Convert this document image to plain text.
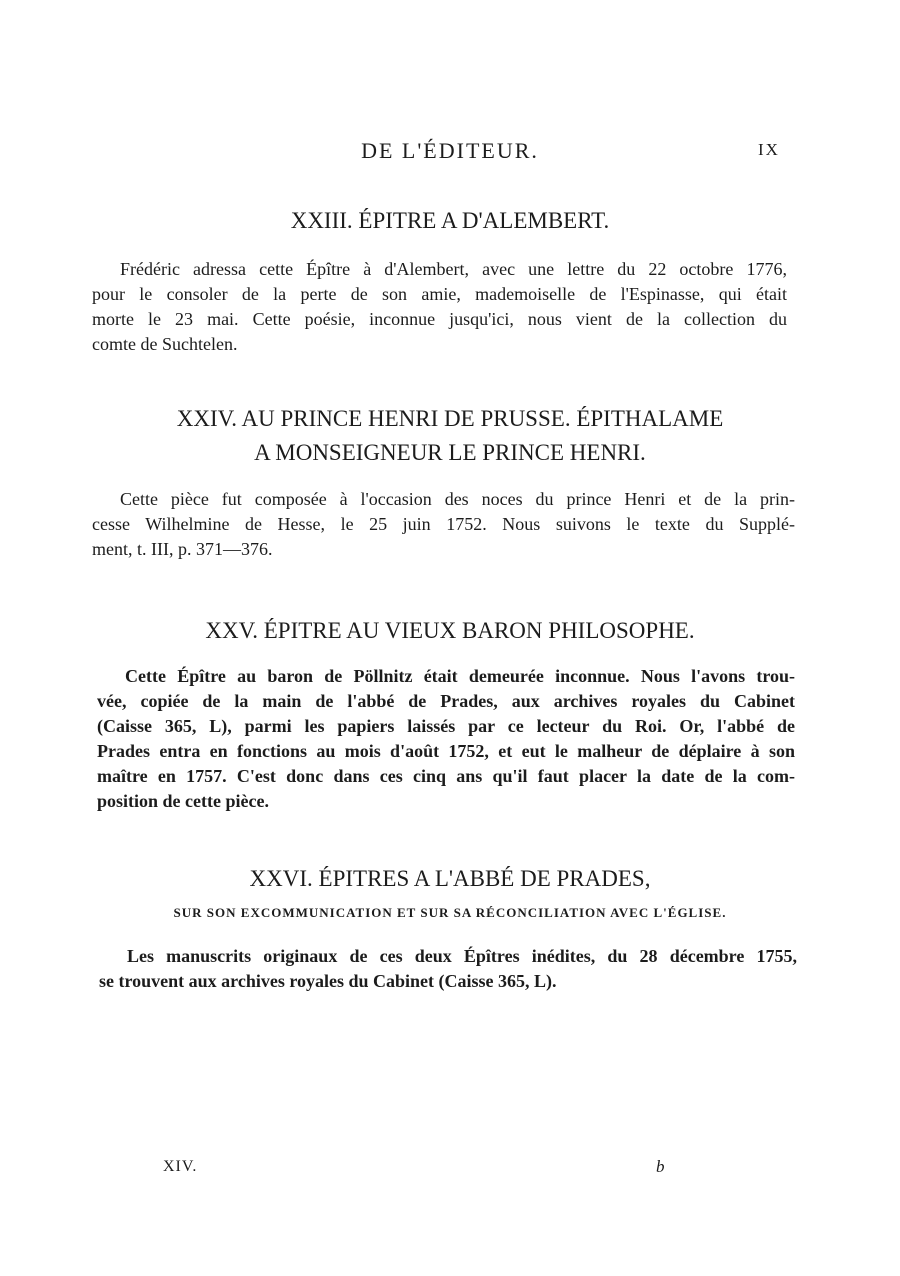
DE L'ÉDITEUR.	IX
XXIII. ÉPITRE A D'ALEMBERT.
Frédéric adressa cette Épître à d'Alembert, avec une lettre du 22 octobre 1776,
pour le consoler de la perte de son amie, mademoiselle de l'Espinasse, qui était
morte le 23 mai. Cette poésie, inconnue jusqu'ici, nous vient de la collection du
comte de Suchtelen.
XXIV. AU PRINCE HENRI DE PRUSSE. ÉPITHALAME
A MONSEIGNEUR LE PRINCE HENRI.
Cette pièce fut composée à l'occasion des noces du prince Henri et de la prin-
cesse Wilhelmine de Hesse, le 25 juin 1752. Nous suivons le texte du Supplé-
ment, t. III, p. 371—376.
XXV. ÉPITRE AU VIEUX BARON PHILOSOPHE.
Cette Épître au baron de Pöllnitz était demeurée inconnue. Nous l'avons trou-
vée, copiée de la main de l'abbé de Prades, aux archives royales du Cabinet
(Caisse 365, L), parmi les papiers laissés par ce lecteur du Roi. Or, l'abbé de
Prades entra en fonctions au mois d'août 1752, et eut le malheur de déplaire à son
maître en 1757. C'est donc dans ces cinq ans qu'il faut placer la date de la com-
position de cette pièce.
XXVI. ÉPITRES A L'ABBÉ DE PRADES,
SUR SON EXCOMMUNICATION ET SUR SA RÉCONCILIATION AVEC L'ÉGLISE.
Les manuscrits originaux de ces deux Épîtres inédites, du 28 décembre 1755,
se trouvent aux archives royales du Cabinet (Caisse 365, L).
XIV.	b
